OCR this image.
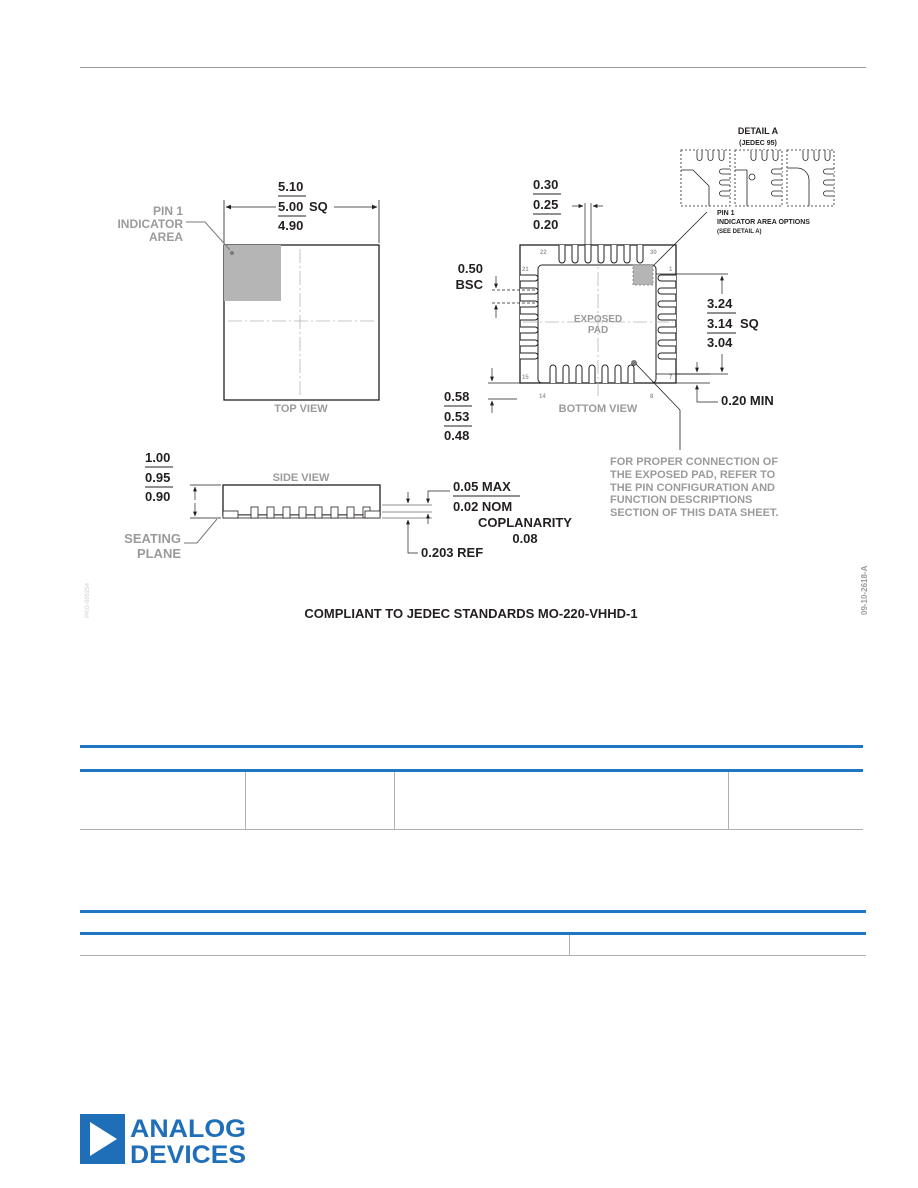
5.10
5.00 SQ
4.90
PIN 1
INDICATOR
AREA
TOP VIEW
EXPOSED
PAD
22	30
21	1
15	7
14	8
BOTTOM VIEW
0.30
0.25
0.20
0.50
BSC
3.24
3.14 SQ
3.04
0.58
0.53
0.48
0.20 MIN
DETAIL A
(JEDEC 95)
PIN 1
INDICATOR AREA OPTIONS
(SEE DETAIL A)
SIDE VIEW
1.00
0.95
0.90
SEATING
PLANE
0.05 MAX
0.02 NOM
COPLANARITY
0.08
0.203 REF
FOR PROPER CONNECTION OF
THE EXPOSED PAD, REFER TO
THE PIN CONFIGURATION AND
FUNCTION DESCRIPTIONS
SECTION OF THIS DATA SHEET.
COMPLIANT TO JEDEC STANDARDS MO-220-VHHD-1	09-10-2618-A
PKG-005254
ANALOG
DEVICES
